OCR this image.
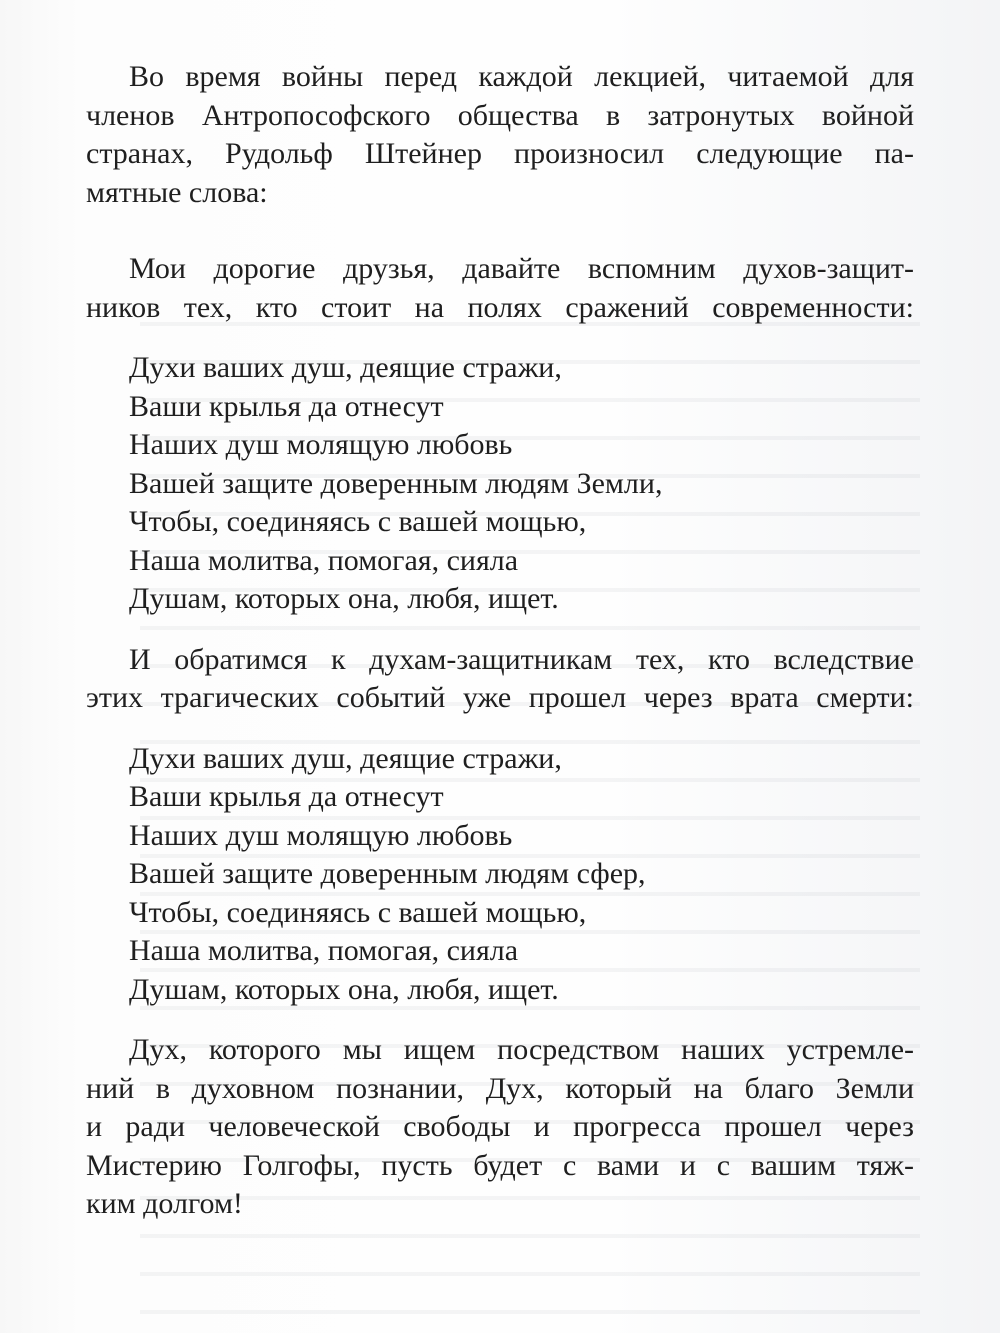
Во время войны перед каждой лекцией, читаемой для
членов Антропософского общества в затронутых войной
странах, Рудольф Штейнер произносил следующие па-
мятные слова:

Мои дорогие друзья, давайте вспомним духов-защит-
ников тех, кто стоит на полях сражений современности:

Духи ваших душ, деящие стражи,
Ваши крылья да отнесут
Наших душ молящую любовь
Вашей защите доверенным людям Земли,
Чтобы, соединяясь с вашей мощью,
Наша молитва, помогая, сияла
Душам, которых она, любя, ищет.

И обратимся к духам-защитникам тех, кто вследствие
этих трагических событий уже прошел через врата смерти:

Духи ваших душ, деящие стражи,
Ваши крылья да отнесут
Наших душ молящую любовь
Вашей защите доверенным людям сфер,
Чтобы, соединяясь с вашей мощью,
Наша молитва, помогая, сияла
Душам, которых она, любя, ищет.

Дух, которого мы ищем посредством наших устремле-
ний в духовном познании, Дух, который на благо Земли
и ради человеческой свободы и прогресса прошел через
Мистерию Голгофы, пусть будет с вами и с вашим тяж-
ким долгом!
